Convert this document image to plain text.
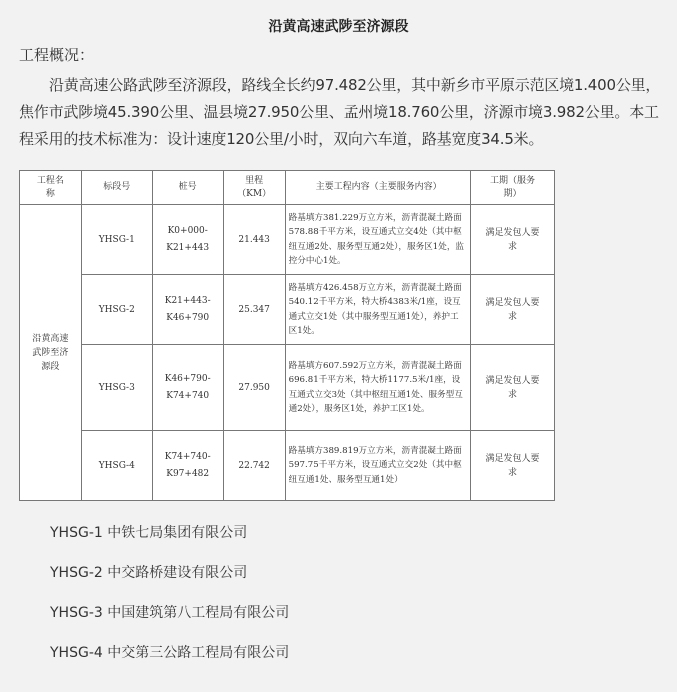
沿黄高速武陟至济源段
工程概况：
沿黄高速公路武陟至济源段，路线全长约97.482公里，其中新乡市平原示范区境1.400公里，焦作市武陟境45.390公里、温县境27.950公里、孟州境18.760公里，济源市境3.982公里。本工程采用的技术标准为：设计速度120公里/小时，双向六车道，路基宽度34.5米。
工程名称	标段号	桩号	里程（KM）	主要工程内容（主要服务内容）	工期（服务期）
沿黄高速武陟至济源段	YHSG-1	K0+000-K21+443	21.443	路基填方381.229万立方米，沥青混凝土路面578.88千平方米，设互通式立交4处（其中枢纽互通2处、服务型互通2处），服务区1处，监控分中心1处。	满足发包人要求
	YHSG-2	K21+443-K46+790	25.347	路基填方426.458万立方米，沥青混凝土路面540.12千平方米，特大桥4383米/1座，设互通式立交1处（其中服务型互通1处），养护工区1处。	满足发包人要求
	YHSG-3	K46+790-K74+740	27.950	路基填方607.592万立方米，沥青混凝土路面696.81千平方米，特大桥1177.5米/1座，设互通式立交3处（其中枢纽互通1处、服务型互通2处），服务区1处，养护工区1处。	满足发包人要求
	YHSG-4	K74+740-K97+482	22.742	路基填方389.819万立方米，沥青混凝土路面597.75千平方米，设互通式立交2处（其中枢纽互通1处、服务型互通1处）	满足发包人要求
YHSG-1 中铁七局集团有限公司
YHSG-2 中交路桥建设有限公司
YHSG-3 中国建筑第八工程局有限公司
YHSG-4 中交第三公路工程局有限公司
